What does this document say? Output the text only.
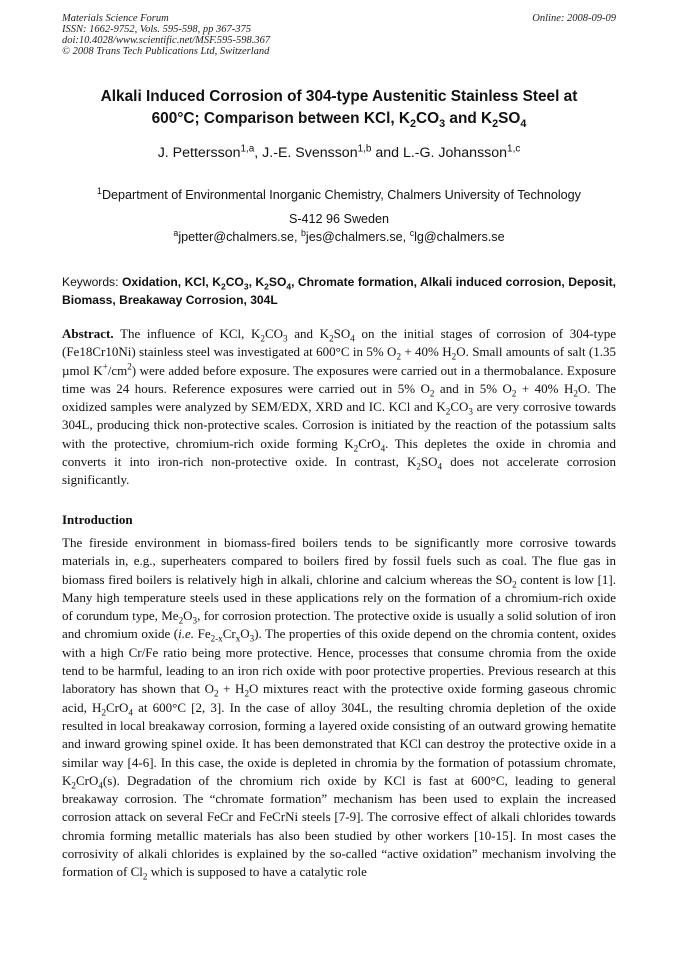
Materials Science Forum
ISSN: 1662-9752, Vols. 595-598, pp 367-375
doi:10.4028/www.scientific.net/MSF.595-598.367
© 2008 Trans Tech Publications Ltd, Switzerland
Online: 2008-09-09
Alkali Induced Corrosion of 304-type Austenitic Stainless Steel at
600°C; Comparison between KCl, $K_2CO_3$ and $K_2SO_4$
J. Pettersson$^{1,a}$, J.-E. Svensson$^{1,b}$ and L.-G. Johansson$^{1,c}$
$^1$Department of Environmental Inorganic Chemistry, Chalmers University of Technology
S-412 96 Sweden
$^a$jpetter@chalmers.se, $^b$jes@chalmers.se, $^c$lg@chalmers.se
Keywords: Oxidation, KCl, $K_2CO_3$, $K_2SO_4$, Chromate formation, Alkali induced corrosion, Deposit, Biomass, Breakaway Corrosion, 304L

Abstract. The influence of KCl, $K_2CO_3$ and $K_2SO_4$ on the initial stages of corrosion of 304-type (Fe18Cr10Ni) stainless steel was investigated at 600°C in 5% $O_2 + 40\%$ $H_2O$. Small amounts of salt (1.35 µmol $K^+/cm^2$) were added before exposure. The exposures were carried out in a thermobalance. Exposure time was 24 hours. Reference exposures were carried out in 5% $O_2$ and in 5% $O_2 + 40\%$ $H_2O$. The oxidized samples were analyzed by SEM/EDX, XRD and IC. KCl and $K_2CO_3$ are very corrosive towards 304L, producing thick non-protective scales. Corrosion is initiated by the reaction of the potassium salts with the protective, chromium-rich oxide forming $K_2CrO_4$. This depletes the oxide in chromia and converts it into iron-rich non-protective oxide. In contrast, $K_2SO_4$ does not accelerate corrosion significantly.

Introduction

The fireside environment in biomass-fired boilers tends to be significantly more corrosive towards materials in, e.g., superheaters compared to boilers fired by fossil fuels such as coal. The flue gas in biomass fired boilers is relatively high in alkali, chlorine and calcium whereas the $SO_2$ content is low [1]. Many high temperature steels used in these applications rely on the formation of a chromium-rich oxide of corundum type, $Me_2O_3$, for corrosion protection. The protective oxide is usually a solid solution of iron and chromium oxide (i.e. $Fe_{2-x}Cr_xO_3$). The properties of this oxide depend on the chromia content, oxides with a high Cr/Fe ratio being more protective. Hence, processes that consume chromia from the oxide tend to be harmful, leading to an iron rich oxide with poor protective properties. Previous research at this laboratory has shown that $O_2 + H_2O$ mixtures react with the protective oxide forming gaseous chromic acid, $H_2CrO_4$ at 600°C [2, 3]. In the case of alloy 304L, the resulting chromia depletion of the oxide resulted in local breakaway corrosion, forming a layered oxide consisting of an outward growing hematite and inward growing spinel oxide. It has been demonstrated that KCl can destroy the protective oxide in a similar way [4-6]. In this case, the oxide is depleted in chromia by the formation of potassium chromate, $K_2CrO_4(s)$. Degradation of the chromium rich oxide by KCl is fast at 600°C, leading to general breakaway corrosion. The “chromate formation” mechanism has been used to explain the increased corrosion attack on several FeCr and FeCrNi steels [7-9]. The corrosive effect of alkali chlorides towards chromia forming metallic materials has also been studied by other workers [10-15]. In most cases the corrosivity of alkali chlorides is explained by the so-called “active oxidation” mechanism involving the formation of $Cl_2$ which is supposed to have a catalytic role
